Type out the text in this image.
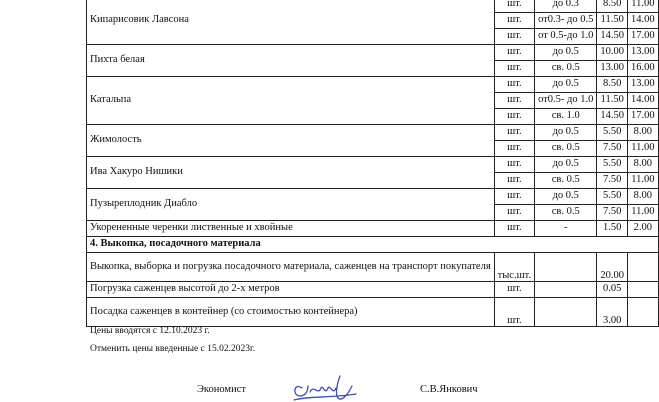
Кипарисовик Лавсона	шт.	до 0.3	8.50	11.00
	шт.	от0.3- до 0.5	11.50	14.00
	шт.	от 0.5-до 1.0	14.50	17.00
Пихта белая	шт.	до 0.5	10.00	13.00
	шт.	св. 0.5	13.00	16.00
Катальпа	шт.	до 0.5	8.50	13.00
	шт.	от0.5- до 1.0	11.50	14.00
	шт.	св. 1.0	14.50	17.00
Жимолость	шт.	до 0.5	5.50	8.00
	шт.	св. 0.5	7.50	11.00
Ива Хакуро Нишики	шт.	до 0.5	5.50	8.00
	шт.	св. 0.5	7.50	11.00
Пузыреплодник Диабло	шт.	до 0.5	5.50	8.00
	шт.	св. 0.5	7.50	11.00
Укорененные черенки лиственные и хвойные	шт.	-	1.50	2.00
4. Выкопка, посадочного материала				
Выкопка, выборка и погрузка посадочного материала, саженцев на транспорт покупателя	тыс.шт.		20.00	
Погрузка саженцев высотой до 2-х метров	шт.		0.05	
Посадка саженцев в контейнер (со стоимостью контейнера)	шт.		3.00	
Цены вводятся с 12.10.2023 г.
Отменить цены введенные с 15.02.2023г.
Экономист	С.В.Янкович
